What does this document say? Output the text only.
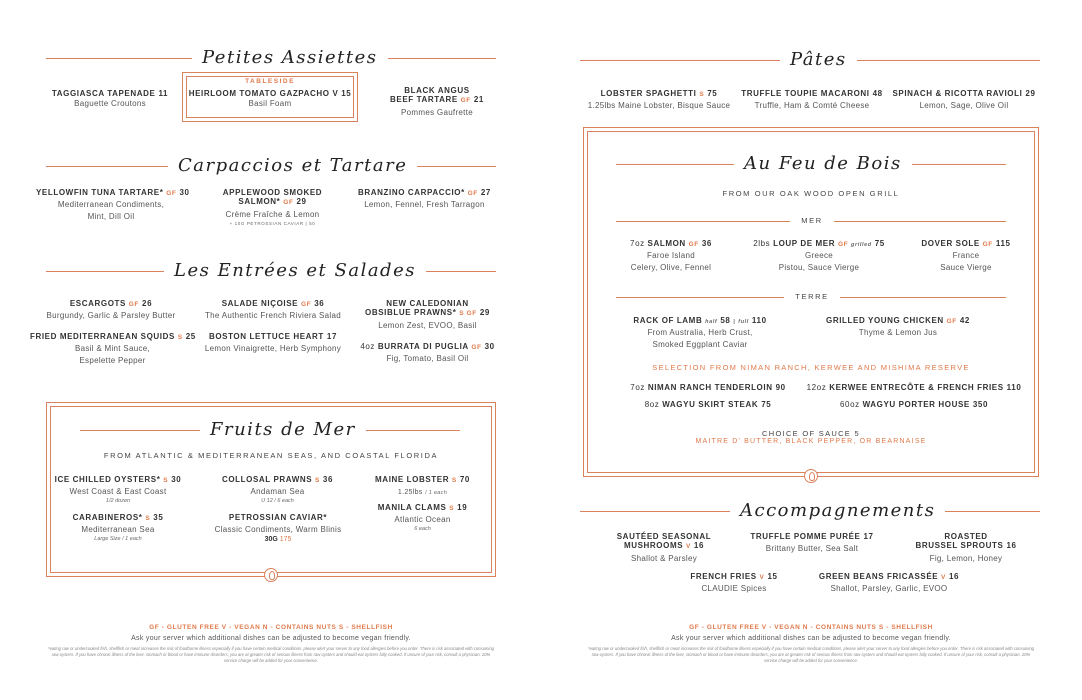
Petites Assiettes
TAGGIASCA TAPENADE 11
Baguette Croutons
TABLESIDE
HEIRLOOM TOMATO GAZPACHO V 15
Basil Foam
BLACK ANGUS
BEEF TARTARE GF 21
Pommes Gaufrette
Carpaccios et Tartare
YELLOWFIN TUNA TARTARE* GF 30
Mediterranean Condiments,
Mint, Dill Oil
APPLEWOOD SMOKED
SALMON* GF 29
Crème Fraîche & Lemon
+ 10G PETROSSIAN CAVIAR | 50
BRANZINO CARPACCIO* GF 27
Lemon, Fennel, Fresh Tarragon
Les Entrées et Salades
ESCARGOTS GF 26
Burgundy, Garlic & Parsley Butter
SALADE NIÇOISE GF 36
The Authentic French Riviera Salad
NEW CALEDONIAN
OBSIBLUE PRAWNS* S GF 29
Lemon Zest, EVOO, Basil
FRIED MEDITERRANEAN SQUIDS S 25
Basil & Mint Sauce,
Espelette Pepper
BOSTON LETTUCE HEART 17
Lemon Vinaigrette, Herb Symphony	4oz BURRATA DI PUGLIA GF 30
Fig, Tomato, Basil Oil
Fruits de Mer
FROM ATLANTIC & MEDITERRANEAN SEAS, AND COASTAL FLORIDA
ICE CHILLED OYSTERS* S 30
West Coast & East Coast
1/2 dozen
COLLOSAL PRAWNS S 36
Andaman Sea
U 12 / 6 each
MAINE LOBSTER S 70
1.25lbs / 1 each
CARABINEROS* S 35
Mediterranean Sea
Large Size / 1 each
PETROSSIAN CAVIAR*
Classic Condiments, Warm Blinis
30G 175
MANILA CLAMS S 19
Atlantic Ocean
6 each
GF - GLUTEN FREE V - VEGAN N - CONTAINS NUTS S - SHELLFISH
Ask your server which additional dishes can be adjusted to become vegan friendly.
*eating raw or undercooked fish, shellfish or meat increases the risk of foodborne illness especially if you have certain medical conditions. please alert your server to any food allergies before you order. There is risk associated with consuming raw oysters. If you have chronic illness of the liver, stomach or blood or have immune disorders, you are at greater risk of serious illness from raw oysters and should eat oysters fully cooked. If unsure of your risk, consult a physician. 20% service charge will be added for your convenience.
Pâtes
LOBSTER SPAGHETTI S 75
1.25lbs Maine Lobster, Bisque Sauce
TRUFFLE TOUPIE MACARONI 48
Truffle, Ham & Comté Cheese
SPINACH & RICOTTA RAVIOLI 29
Lemon, Sage, Olive Oil
Au Feu de Bois
FROM OUR OAK WOOD OPEN GRILL
MER
7oz SALMON GF 36
Faroe Island
Celery, Olive, Fennel
2lbs LOUP DE MER GF grilled 75
Greece
Pistou, Sauce Vierge
DOVER SOLE GF 115
France
Sauce Vierge
TERRE
RACK OF LAMB half 58 | full 110
From Australia, Herb Crust,
Smoked Eggplant Caviar
GRILLED YOUNG CHICKEN GF 42
Thyme & Lemon Jus
SELECTION FROM NIMAN RANCH, KERWEE AND MISHIMA RESERVE
7oz NIMAN RANCH TENDERLOIN 90	12oz KERWEE ENTRECÔTE & FRENCH FRIES 110
8oz WAGYU SKIRT STEAK 75	60oz WAGYU PORTER HOUSE 350
CHOICE OF SAUCE 5
MAITRE D' BUTTER, BLACK PEPPER, OR BEARNAISE
Accompagnements
SAUTÉED SEASONAL
MUSHROOMS V 16
Shallot & Parsley
TRUFFLE POMME PURÉE 17
Brittany Butter, Sea Salt
ROASTED
BRUSSEL SPROUTS 16
Fig, Lemon, Honey
FRENCH FRIES V 15
CLAUDIE Spices
GREEN BEANS FRICASSÉE V 16
Shallot, Parsley, Garlic, EVOO
GF - GLUTEN FREE V - VEGAN N - CONTAINS NUTS S - SHELLFISH
Ask your server which additional dishes can be adjusted to become vegan friendly.
*eating raw or undercooked fish, shellfish or meat increases the risk of foodborne illness especially if you have certain medical conditions. please alert your server to any food allergies before you order. There is risk associated with consuming raw oysters. If you have chronic illness of the liver, stomach or blood or have immune disorders, you are at greater risk of serious illness from raw oysters and should eat oysters fully cooked. If unsure of your risk, consult a physician. 20% service charge will be added for your convenience.
